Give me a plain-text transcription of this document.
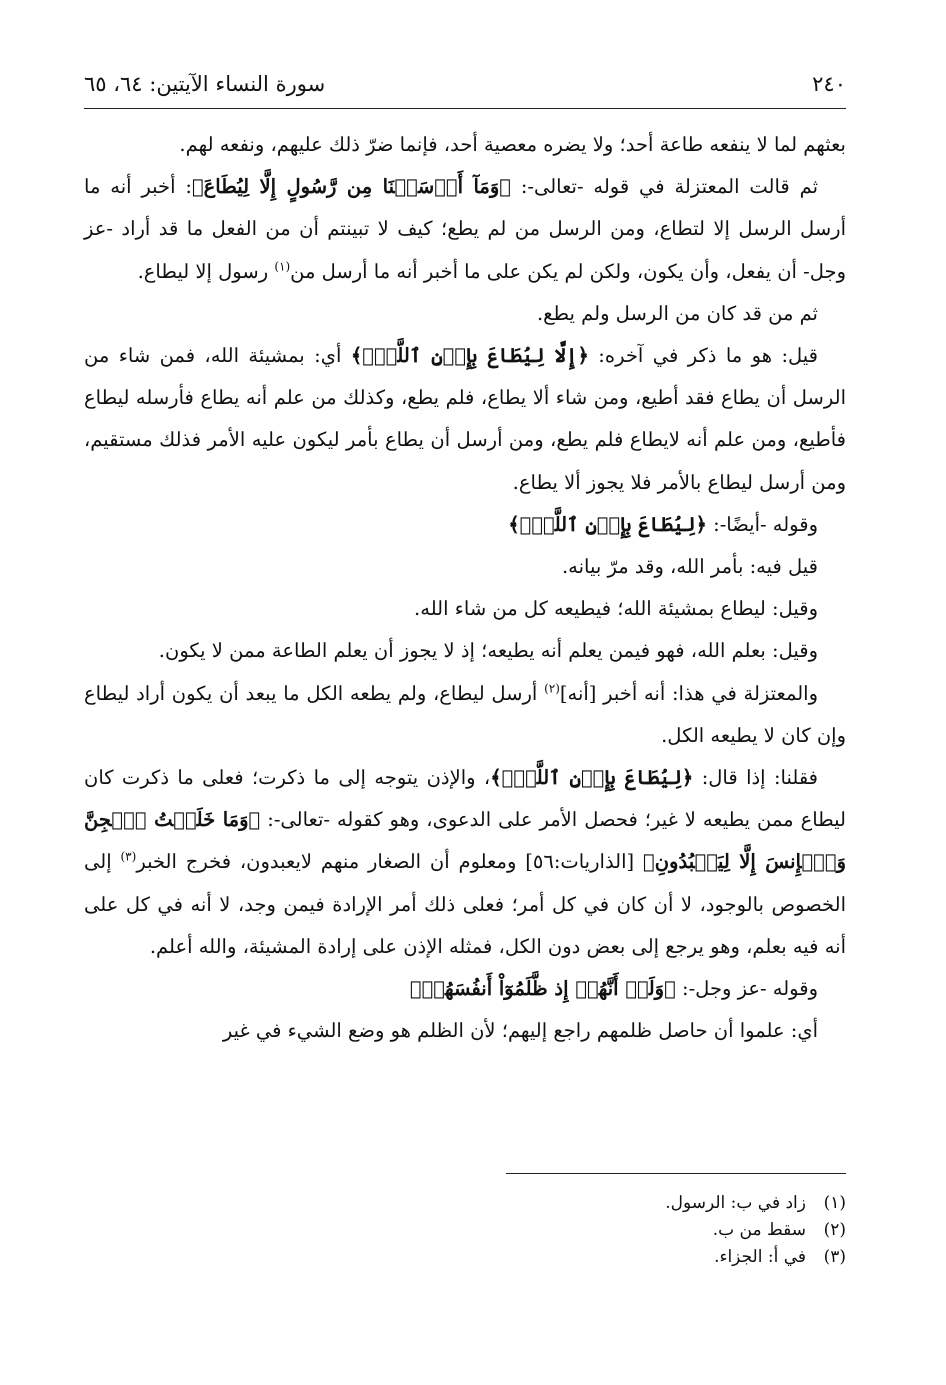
٢٤٠
سورة النساء الآيتين: ٦٤، ٦٥

بعثهم لما لا ينفعه طاعة أحد؛ ولا يضره معصية أحد، فإنما ضرّ ذلك عليهم، ونفعه لهم.

ثم قالت المعتزلة في قوله -تعالى-: ﴿وَمَآ أَرۡسَلۡنَا مِن رَّسُولٍ إِلَّا لِيُطَاعَ﴾: أخبر أنه ما أرسل الرسل إلا لتطاع، ومن الرسل من لم يطع؛ كيف لا تبينتم أن من الفعل ما قد أراد -عز وجل- أن يفعل، وأن يكون، ولكن لم يكن على ما أخبر أنه ما أرسل من$^{(١)}$ رسول إلا ليطاع.

ثم من قد كان من الرسل ولم يطع.

قيل: هو ما ذكر في آخره: ﴿إِلَّا لِيُطَاعَ بِإِذۡنِ ٱللَّهِۚ﴾ أي: بمشيئة الله، فمن شاء من الرسل أن يطاع فقد أطيع، ومن شاء ألا يطاع، فلم يطع، وكذلك من علم أنه يطاع فأرسله ليطاع فأطيع، ومن علم أنه لايطاع فلم يطع، ومن أرسل أن يطاع بأمر ليكون عليه الأمر فذلك مستقيم، ومن أرسل ليطاع بالأمر فلا يجوز ألا يطاع.

وقوله -أيضًا-: ﴿لِيُطَاعَ بِإِذۡنِ ٱللَّهِۚ﴾

قيل فيه: بأمر الله، وقد مرّ بيانه.

وقيل: ليطاع بمشيئة الله؛ فيطيعه كل من شاء الله.

وقيل: بعلم الله، فهو فيمن يعلم أنه يطيعه؛ إذ لا يجوز أن يعلم الطاعة ممن لا يكون.

والمعتزلة في هذا: أنه أخبر [أنه]$^{(٢)}$ أرسل ليطاع، ولم يطعه الكل ما يبعد أن يكون أراد ليطاع وإن كان لا يطيعه الكل.

فقلنا: إذا قال: ﴿لِيُطَاعَ بِإِذۡنِ ٱللَّهِۚ﴾، والإذن يتوجه إلى ما ذكرت؛ فعلى ما ذكرت كان ليطاع ممن يطيعه لا غير؛ فحصل الأمر على الدعوى، وهو كقوله -تعالى-: ﴿وَمَا خَلَقۡتُ ٱلۡجِنَّ وَٱلۡإِنسَ إِلَّا لِيَعۡبُدُونِ﴾ [الذاريات:٥٦] ومعلوم أن الصغار منهم لايعبدون، فخرج الخبر$^{(٣)}$ إلى الخصوص بالوجود، لا أن كان في كل أمر؛ فعلى ذلك أمر الإرادة فيمن وجد، لا أنه في كل على أنه فيه بعلم، وهو يرجع إلى بعض دون الكل، فمثله الإذن على إرادة المشيئة، والله أعلم.

وقوله -عز وجل-: ﴿وَلَوۡ أَنَّهُمۡ إِذ ظَّلَمُوٓاْ أَنفُسَهُمۡ﴾

أي: علموا أن حاصل ظلمهم راجع إليهم؛ لأن الظلم هو وضع الشيء في غير

(١)زاد في ب: الرسول.
(٢)سقط من ب.
(٣)في أ: الجزاء.
